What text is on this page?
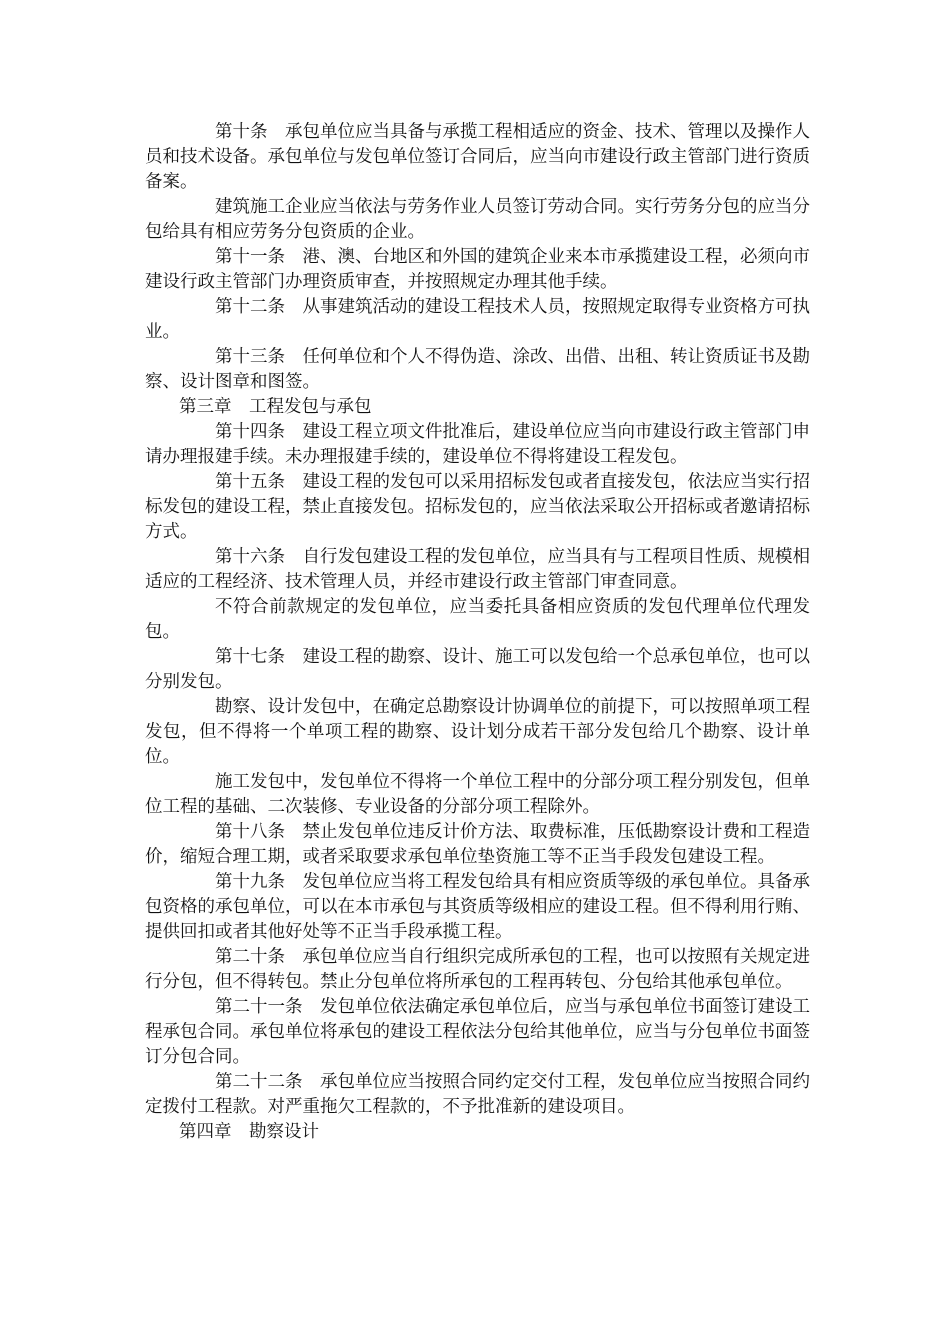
第十条　承包单位应当具备与承揽工程相适应的资金、技术、管理以及操作人员和技术设备。承包单位与发包单位签订合同后，应当向市建设行政主管部门进行资质备案。

建筑施工企业应当依法与劳务作业人员签订劳动合同。实行劳务分包的应当分包给具有相应劳务分包资质的企业。

第十一条　港、澳、台地区和外国的建筑企业来本市承揽建设工程，必须向市建设行政主管部门办理资质审查，并按照规定办理其他手续。

第十二条　从事建筑活动的建设工程技术人员，按照规定取得专业资格方可执业。

第十三条　任何单位和个人不得伪造、涂改、出借、出租、转让资质证书及勘察、设计图章和图签。

第三章　工程发包与承包

第十四条　建设工程立项文件批准后，建设单位应当向市建设行政主管部门申请办理报建手续。未办理报建手续的，建设单位不得将建设工程发包。

第十五条　建设工程的发包可以采用招标发包或者直接发包，依法应当实行招标发包的建设工程，禁止直接发包。招标发包的，应当依法采取公开招标或者邀请招标方式。

第十六条　自行发包建设工程的发包单位，应当具有与工程项目性质、规模相适应的工程经济、技术管理人员，并经市建设行政主管部门审查同意。

不符合前款规定的发包单位，应当委托具备相应资质的发包代理单位代理发包。

第十七条　建设工程的勘察、设计、施工可以发包给一个总承包单位，也可以分别发包。

勘察、设计发包中，在确定总勘察设计协调单位的前提下，可以按照单项工程发包，但不得将一个单项工程的勘察、设计划分成若干部分发包给几个勘察、设计单位。

施工发包中，发包单位不得将一个单位工程中的分部分项工程分别发包，但单位工程的基础、二次装修、专业设备的分部分项工程除外。

第十八条　禁止发包单位违反计价方法、取费标准，压低勘察设计费和工程造价，缩短合理工期，或者采取要求承包单位垫资施工等不正当手段发包建设工程。

第十九条　发包单位应当将工程发包给具有相应资质等级的承包单位。具备承包资格的承包单位，可以在本市承包与其资质等级相应的建设工程。但不得利用行贿、提供回扣或者其他好处等不正当手段承揽工程。

第二十条　承包单位应当自行组织完成所承包的工程，也可以按照有关规定进行分包，但不得转包。禁止分包单位将所承包的工程再转包、分包给其他承包单位。

第二十一条　发包单位依法确定承包单位后，应当与承包单位书面签订建设工程承包合同。承包单位将承包的建设工程依法分包给其他单位，应当与分包单位书面签订分包合同。

第二十二条　承包单位应当按照合同约定交付工程，发包单位应当按照合同约定拨付工程款。对严重拖欠工程款的，不予批准新的建设项目。

第四章　勘察设计
